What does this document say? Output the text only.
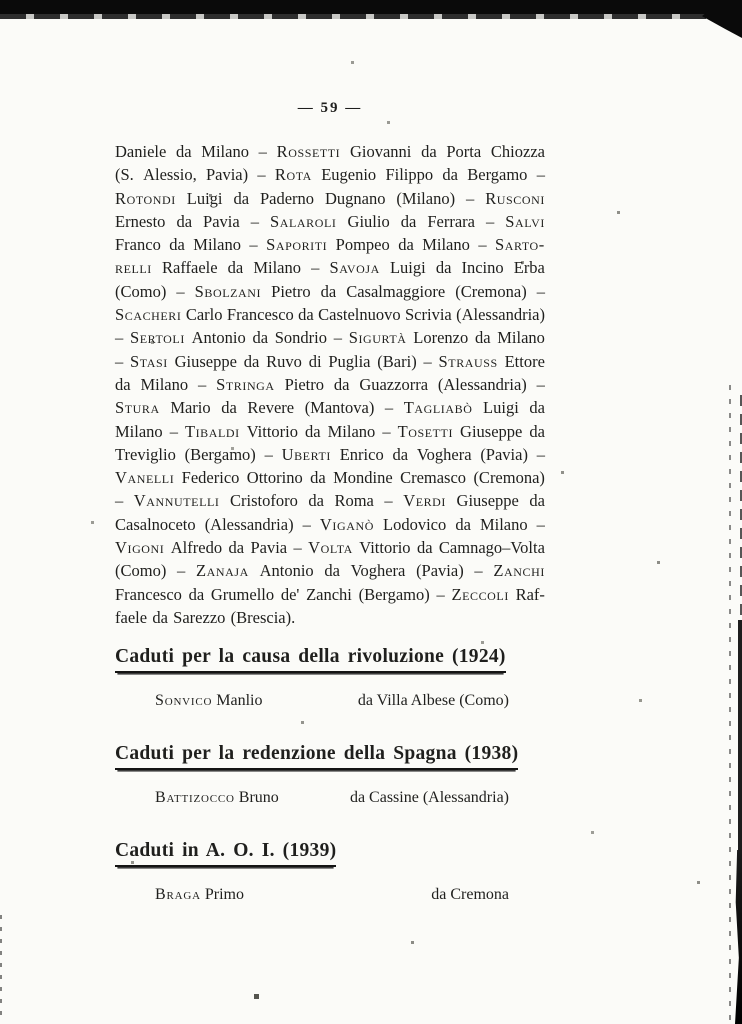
— 59 —
Daniele da Milano – Rossetti Giovanni da Porta Chiozza
(S. Alessio, Pavia) – Rota Eugenio Filippo da Bergamo –
Rotondi Luigi da Paderno Dugnano (Milano) – Rusconi
Ernesto da Pavia – Salaroli Giulio da Ferrara – Salvi
Franco da Milano – Saporiti Pompeo da Milano – Sarto-
relli Raffaele da Milano – Savoja Luigi da Incino Erba
(Como) – Sbolzani Pietro da Casalmaggiore (Cremona) –
Scacheri Carlo Francesco da Castelnuovo Scrivia (Alessandria)
– Sertoli Antonio da Sondrio – Sigurtà Lorenzo da Milano
– Stasi Giuseppe da Ruvo di Puglia (Bari) – Strauss Ettore
da Milano – Stringa Pietro da Guazzorra (Alessandria) –
Stura Mario da Revere (Mantova) – Tagliabò Luigi da
Milano – Tibaldi Vittorio da Milano – Tosetti Giuseppe da
Treviglio (Bergamo) – Uberti Enrico da Voghera (Pavia) –
Vanelli Federico Ottorino da Mondine Cremasco (Cremona)
– Vannutelli Cristoforo da Roma – Verdi Giuseppe da
Casalnoceto (Alessandria) – Viganò Lodovico da Milano –
Vigoni Alfredo da Pavia – Volta Vittorio da Camnago–Volta
(Como) – Zanaja Antonio da Voghera (Pavia) – Zanchi
Francesco da Grumello de' Zanchi (Bergamo) – Zeccoli Raf-
faele da Sarezzo (Brescia).
Caduti per la causa della rivoluzione (1924)
Sonvico Manlio	da Villa Albese (Como)
Caduti per la redenzione della Spagna (1938)
Battizocco Bruno	da Cassine (Alessandria)
Caduti in A. O. I. (1939)
Braga Primo	da Cremona
